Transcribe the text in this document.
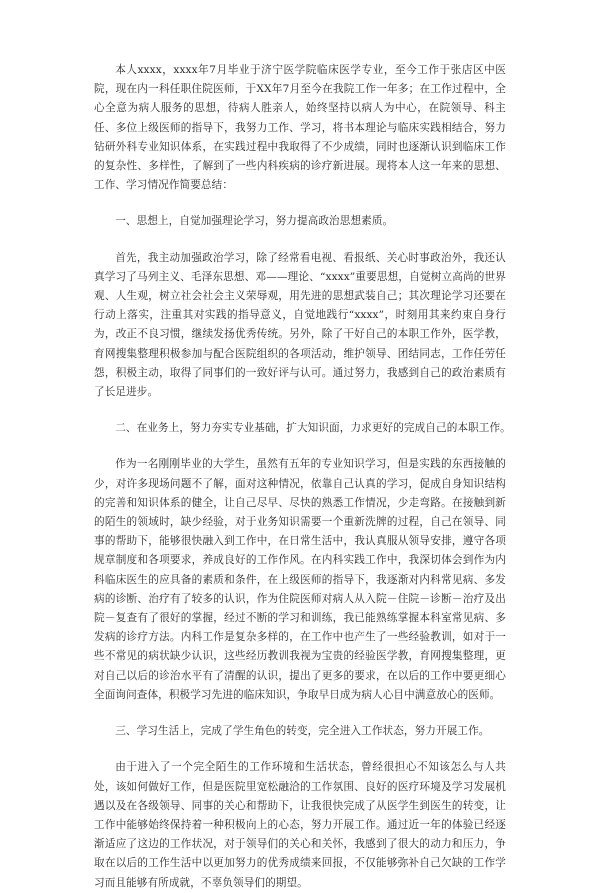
本人xxxx，xxxx年7月毕业于济宁医学院临床医学专业，至今工作于张店区中医院，现在内一科任职住院医师，于XX年7月至今在我院工作一年多；在工作过程中，全心全意为病人服务的思想，待病人胜亲人，始终坚持以病人为中心，在院领导、科主任、多位上级医师的指导下，我努力工作、学习，将书本理论与临床实践相结合，努力钻研外科专业知识体系，在实践过程中我取得了不少成绩，同时也逐渐认识到临床工作的复杂性、多样性，了解到了一些内科疾病的诊疗新进展。现将本人这一年来的思想、工作、学习情况作简要总结：

一、思想上，自觉加强理论学习，努力提高政治思想素质。

首先，我主动加强政治学习，除了经常看电视、看报纸、关心时事政治外，我还认真学习了马列主义、毛泽东思想、邓——理论、“xxxx”重要思想，自觉树立高尚的世界观、人生观，树立社会社会主义荣辱观，用先进的思想武装自己；其次理论学习还要在行动上落实，注重其对实践的指导意义，自觉地践行“xxxx”，时刻用其来约束自身行为，改正不良习惯，继续发扬优秀传统。另外，除了干好自己的本职工作外，医学教，育网搜集整理积极参加与配合医院组织的各项活动，维护领导、团结同志，工作任劳任怨，积极主动，取得了同事们的一致好评与认可。通过努力，我感到自己的政治素质有了长足进步。

二、在业务上，努力夯实专业基础，扩大知识面，力求更好的完成自己的本职工作。

作为一名刚刚毕业的大学生，虽然有五年的专业知识学习，但是实践的东西接触的少，对许多现场问题不了解，面对这种情况，依靠自己认真的学习，促成自身知识结构的完善和知识体系的健全，让自己尽早、尽快的熟悉工作情况，少走弯路。在接触到新的陌生的领域时，缺少经验，对于业务知识需要一个重新洗牌的过程，自己在领导、同事的帮助下，能够很快融入到工作中，在日常生活中，我认真服从领导安排，遵守各项规章制度和各项要求，养成良好的工作作风。在内科实践工作中，我深切体会到作为内科临床医生的应具备的素质和条件，在上级医师的指导下，我逐渐对内科常见病、多发病的诊断、治疗有了较多的认识，作为住院医师对病人从入院－住院－诊断－治疗及出院－复查有了很好的掌握，经过不断的学习和训练，我已能熟练掌握本科室常见病、多发病的诊疗方法。内科工作是复杂多样的，在工作中也产生了一些经验教训，如对于一些不常见的病状缺少认识，这些经历教训我视为宝贵的经验医学教，育网搜集整理，更对自己以后的诊治水平有了清醒的认识，提出了更多的要求，在以后的工作中要更细心全面询问查体，积极学习先进的临床知识，争取早日成为病人心目中满意放心的医师。

三、学习生活上，完成了学生角色的转变，完全进入工作状态，努力开展工作。

由于进入了一个完全陌生的工作环境和生活状态，曾经很担心不知该怎么与人共处，该如何做好工作，但是医院里宽松融洽的工作氛围、良好的医疗环境及学习发展机遇以及在各级领导、同事的关心和帮助下，让我很快完成了从医学生到医生的转变，让工作中能够始终保持着一种积极向上的心态，努力开展工作。通过近一年的体验已经逐渐适应了这边的工作状况，对于领导们的关心和关怀，我感到了很大的动力和压力，争取在以后的工作生活中以更加努力的优秀成绩来回报，不仅能够弥补自己欠缺的工作学习而且能够有所成就，不辜负领导们的期望。
